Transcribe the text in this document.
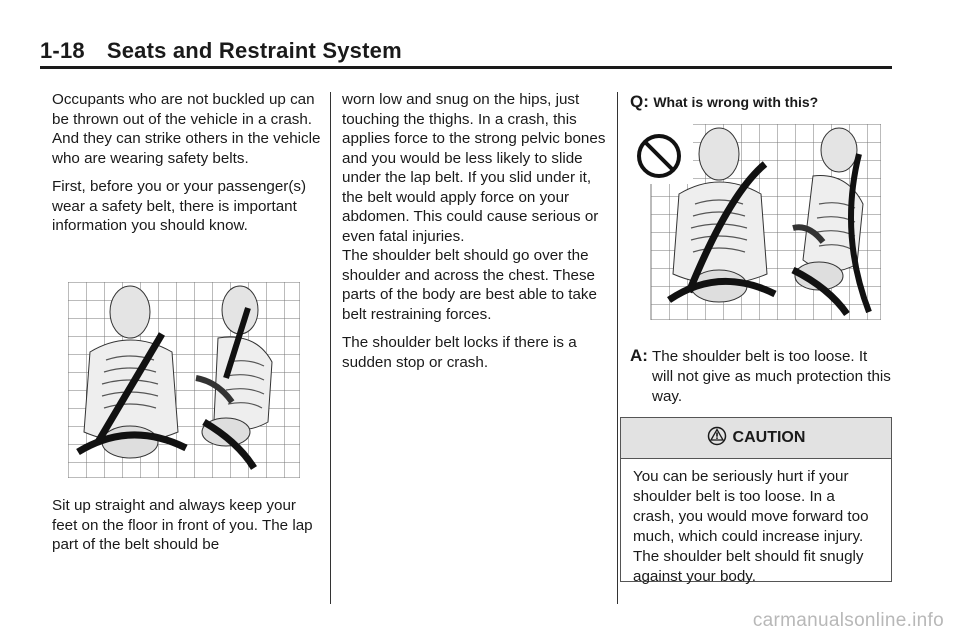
1-18 Seats and Restraint System

Occupants who are not buckled up can be thrown out of the vehicle in a crash. And they can strike others in the vehicle who are wearing safety belts.

First, before you or your passenger(s) wear a safety belt, there is important information you should know.

Sit up straight and always keep your feet on the floor in front of you. The lap part of the belt should be

worn low and snug on the hips, just touching the thighs. In a crash, this applies force to the strong pelvic bones and you would be less likely to slide under the lap belt. If you slid under it, the belt would apply force on your abdomen. This could cause serious or even fatal injuries.

The shoulder belt should go over the shoulder and across the chest. These parts of the body are best able to take belt restraining forces.

The shoulder belt locks if there is a sudden stop or crash.

Q: What is wrong with this?
A: The shoulder belt is too loose. It will not give as much protection this way.
CAUTION
You can be seriously hurt if your shoulder belt is too loose. In a crash, you would move forward too much, which could increase injury. The shoulder belt should fit snugly against your body.
carmanualsonline.info
